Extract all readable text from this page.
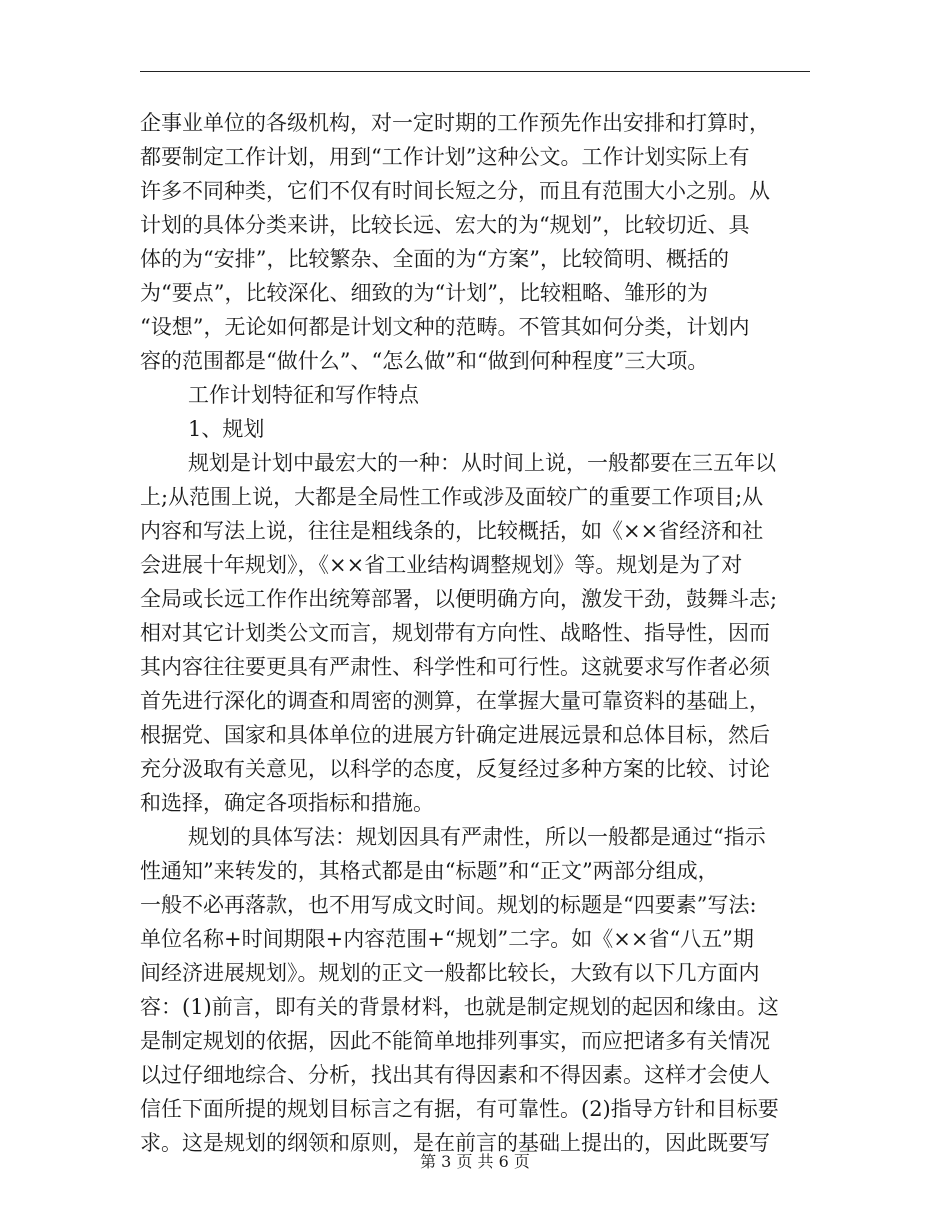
企事业单位的各级机构，对一定时期的工作预先作出安排和打算时，
都要制定工作计划，用到“工作计划”这种公文。工作计划实际上有
许多不同种类，它们不仅有时间长短之分，而且有范围大小之别。从
计划的具体分类来讲，比较长远、宏大的为“规划”，比较切近、具
体的为“安排”，比较繁杂、全面的为“方案”，比较简明、概括的
为“要点”，比较深化、细致的为“计划”，比较粗略、雏形的为
“设想”，无论如何都是计划文种的范畴。不管其如何分类，计划内
容的范围都是“做什么”、“怎么做”和“做到何种程度”三大项。
工作计划特征和写作特点
1、规划
规划是计划中最宏大的一种：从时间上说，一般都要在三五年以
上;从范围上说，大都是全局性工作或涉及面较广的重要工作项目;从
内容和写法上说，往往是粗线条的，比较概括，如《××省经济和社
会进展十年规划》，《××省工业结构调整规划》等。规划是为了对
全局或长远工作作出统筹部署，以便明确方向，激发干劲，鼓舞斗志;
相对其它计划类公文而言，规划带有方向性、战略性、指导性，因而
其内容往往要更具有严肃性、科学性和可行性。这就要求写作者必须
首先进行深化的调查和周密的测算，在掌握大量可靠资料的基础上，
根据党、国家和具体单位的进展方针确定进展远景和总体目标，然后
充分汲取有关意见，以科学的态度，反复经过多种方案的比较、讨论
和选择，确定各项指标和措施。
规划的具体写法：规划因具有严肃性，所以一般都是通过“指示
性通知”来转发的，其格式都是由“标题”和“正文”两部分组成，
一般不必再落款，也不用写成文时间。规划的标题是“四要素”写法:
单位名称+时间期限+内容范围+“规划”二字。如《××省“八五”期
间经济进展规划》。规划的正文一般都比较长，大致有以下几方面内
容：(1)前言，即有关的背景材料，也就是制定规划的起因和缘由。这
是制定规划的依据，因此不能简单地排列事实，而应把诸多有关情况
以过仔细地综合、分析，找出其有得因素和不得因素。这样才会使人
信任下面所提的规划目标言之有据，有可靠性。(2)指导方针和目标要
求。这是规划的纲领和原则，是在前言的基础上提出的，因此既要写
第 3 页 共 6 页
